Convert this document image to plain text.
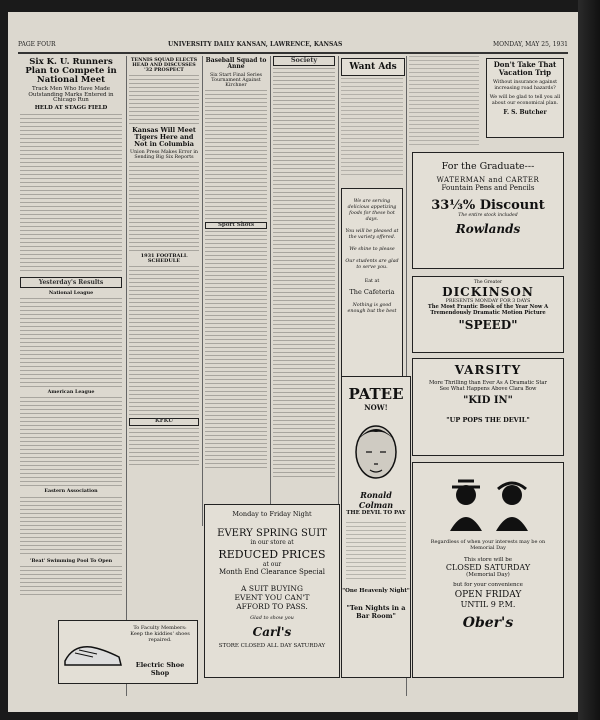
PAGE FOUR	UNIVERSITY DAILY KANSAN, LAWRENCE, KANSAS	MONDAY, MAY 25, 1931
Six K. U. Runners Plan to Compete in National Meet
Track Men Who Have Made Outstanding Marks Entered in Chicago Run
HELD AT STAGG FIELD
Yesterday's Results
National League
American League
Eastern Association
'Beat' Swimming Pool To Open
To Faculty Members: Keep the kiddies' shoes repaired.
Electric Shoe Shop
TENNIS SQUAD ELECTS HEAD AND DISCUSSES '32 PROSPECT
Kansas Will Meet Tigers Here and Not in Columbia
Union Press Makes Error in Sending Big Six Reports
1931 FOOTBALL SCHEDULE
KFKU
Baseball Squad to Anne
Six Start Final Series Tournament Against Kirchner
Sport Shots
Society
Want Ads
We are serving delicious appetizing foods for these hot days.
You will be pleased at the variety offered.
We shine to please
Our students are glad to serve you.
Eat at
The Cafeteria
Nothing is good enough but the best
Don't Take That
Vacation Trip
Without insurance against increasing road hazards?
We will be glad to tell you all about our economical plan.
F. S. Butcher
For the Graduate---
WATERMAN and CARTER
Fountain Pens and Pencils
33⅓% Discount
The entire stock included
Rowlands
The Greater
DICKINSON
PRESENTS MONDAY FOR 3 DAYS
The Most Frantic Book of the Year Now A Tremendously Dramatic Motion Picture
"SPEED"
VARSITY
More Thrilling than Ever As A Dramatic Star
See What Happens Above Clara Bow
"KID IN"
"UP POPS THE DEVIL"
PATEE
NOW!
Ronald Colman
THE DEVIL TO PAY
"One Heavenly Night"
"Ten Nights in a Bar Room"
Monday to Friday Night
EVERY SPRING SUIT
in our store at
REDUCED PRICES
at our
Month End Clearance Special
A SUIT BUYING EVENT YOU CAN'T AFFORD TO PASS.
Glad to show you
Carl's
STORE CLOSED ALL DAY SATURDAY
Regardless of when your interests may be on Memorial Day
This store will be
CLOSED SATURDAY
(Memorial Day)
but for your convenience
OPEN FRIDAY
UNTIL 9 P.M.
Ober's
